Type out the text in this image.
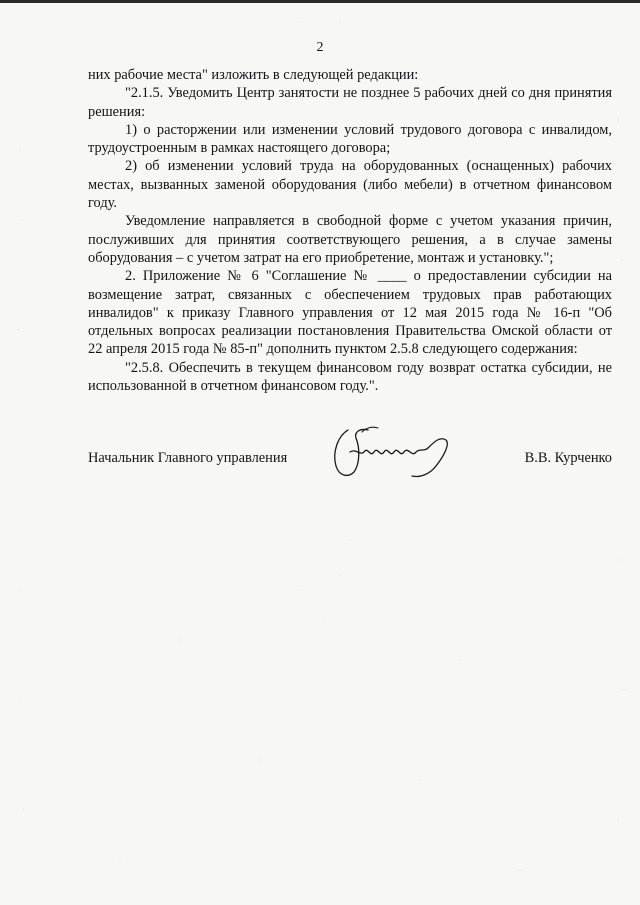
2

них рабочие места" изложить в следующей редакции:

"2.1.5. Уведомить Центр занятости не позднее 5 рабочих дней со дня принятия решения:

1) о расторжении или изменении условий трудового договора с инвалидом, трудоустроенным в рамках настоящего договора;

2) об изменении условий труда на оборудованных (оснащенных) рабочих местах, вызванных заменой оборудования (либо мебели) в отчетном финансовом году.

Уведомление направляется в свободной форме с учетом указания причин, послуживших для принятия соответствующего решения, а в случае замены оборудования – с учетом затрат на его приобретение, монтаж и установку.";

2. Приложение № 6 "Соглашение № ____ о предоставлении субсидии на возмещение затрат, связанных с обеспечением трудовых прав работающих инвалидов" к приказу Главного управления от 12 мая 2015 года № 16-п "Об отдельных вопросах реализации постановления Правительства Омской области от 22 апреля 2015 года № 85-п" дополнить пунктом 2.5.8 следующего содержания:

"2.5.8. Обеспечить в текущем финансовом году возврат остатка субсидии, не использованной в отчетном финансовом году.".

Начальник Главного управления	В.В. Курченко
